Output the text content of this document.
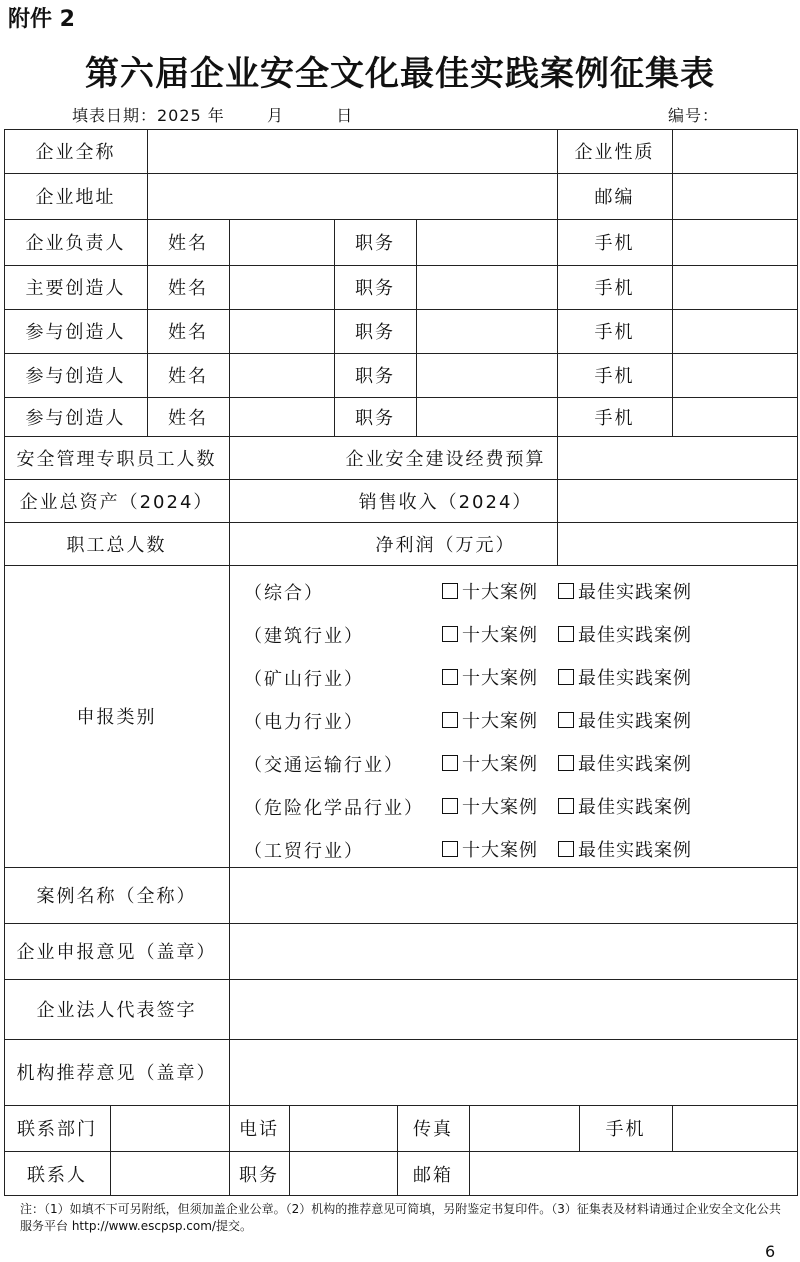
附件 2
第六届企业安全文化最佳实践案例征集表
填表日期：2025 年	月	日	编号：
企业全称	企业性质
企业地址	邮编
企业负责人	姓名	职务	手机
主要创造人	姓名	职务	手机
参与创造人	姓名	职务	手机
参与创造人	姓名	职务	手机
参与创造人	姓名	职务	手机
安全管理专职员工人数	企业安全建设经费预算
企业总资产（2024）	销售收入（2024）
职工总人数	净利润（万元）
申报类别
（综合）	十大案例 最佳实践案例
（建筑行业）	十大案例 最佳实践案例
（矿山行业）	十大案例 最佳实践案例
（电力行业）	十大案例 最佳实践案例
（交通运输行业）	十大案例 最佳实践案例
（危险化学品行业） 十大案例 最佳实践案例
（工贸行业）	十大案例 最佳实践案例
案例名称（全称）
企业申报意见（盖章）
企业法人代表签字
机构推荐意见（盖章）
联系部门	电话	传真	手机
联系人	职务	邮箱
注：（1）如填不下可另附纸，但须加盖企业公章。（2）机构的推荐意见可简填，另附鉴定书复印件。（3）征集表及材料请通过企业安全文化公共服务平台 http://www.escpsp.com/提交。
6
